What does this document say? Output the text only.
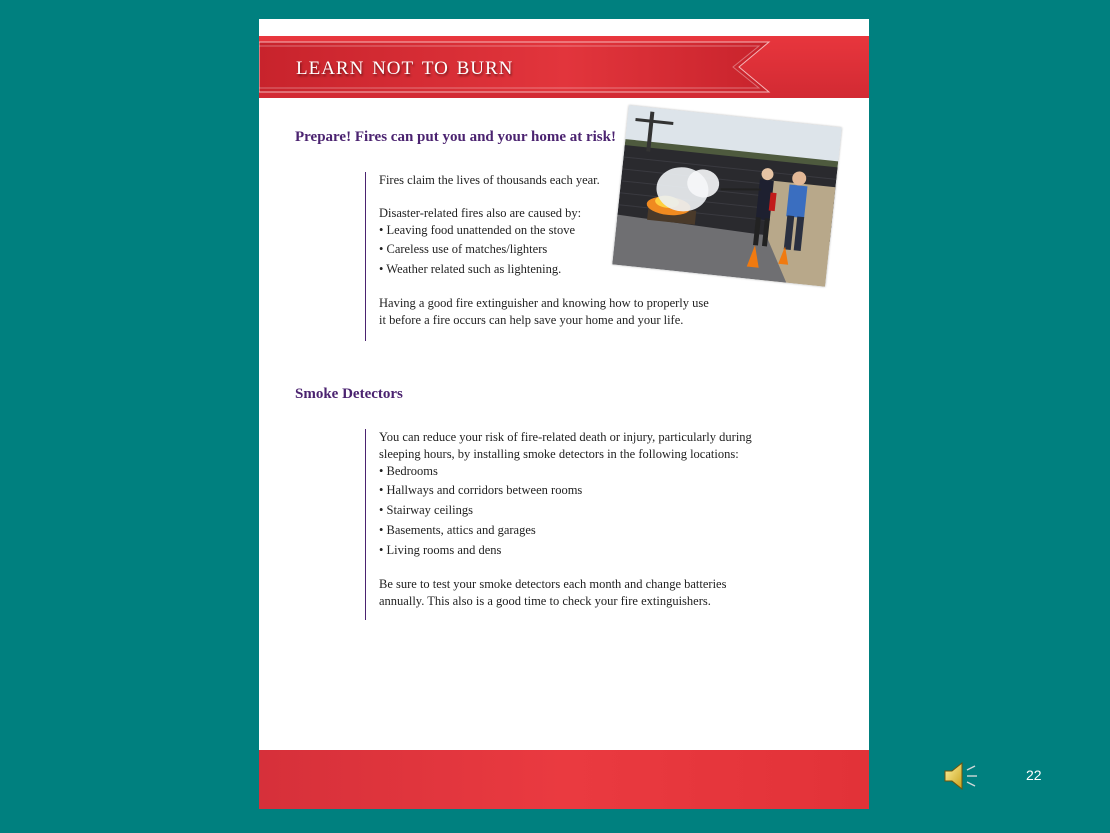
learn not to burn
Prepare! Fires can put you and your home at risk!

Fires claim the lives of thousands each year.

Disaster-related fires also are caused by:

• Leaving food unattended on the stove

• Careless use of matches/lighters

• Weather related such as lightening.

Having a good fire extinguisher and knowing how to properly use

it before a fire occurs can help save your home and your life.

Smoke Detectors

You can reduce your risk of fire-related death or injury, particularly during

sleeping hours, by installing smoke detectors in the following locations:

• Bedrooms

• Hallways and corridors between rooms

• Stairway ceilings

• Basements, attics and garages

• Living rooms and dens

Be sure to test your smoke detectors each month and change batteries

annually. This also is a good time to check your fire extinguishers.

22
